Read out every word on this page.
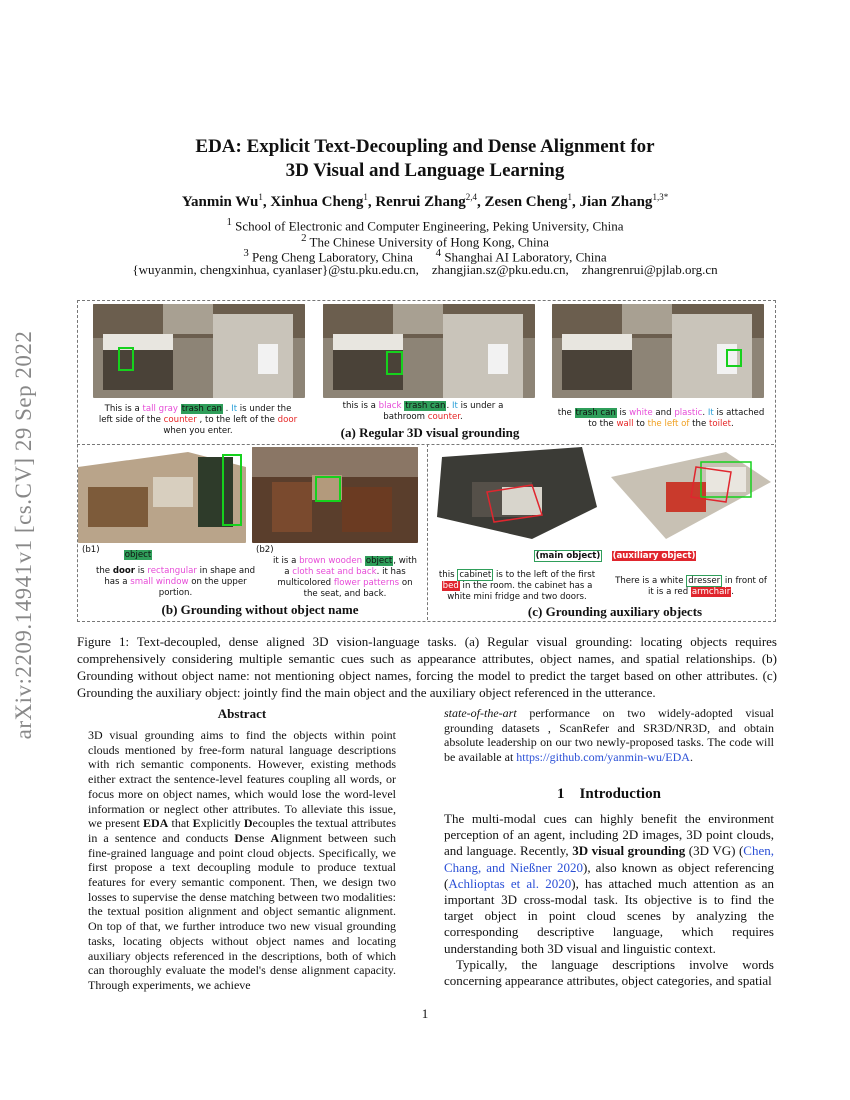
arXiv:2209.14941v1 [cs.CV] 29 Sep 2022
EDA: Explicit Text-Decoupling and Dense Alignment for
3D Visual and Language Learning
Yanmin Wu$^1$, Xinhua Cheng$^1$, Renrui Zhang$^{2,4}$, Zesen Cheng$^1$, Jian Zhang$^{1,3*}$
$^1$ School of Electronic and Computer Engineering, Peking University, China
$^2$ The Chinese University of Hong Kong, China
$^3$ Peng Cheng Laboratory, China $^4$ Shanghai AI Laboratory, China
{wuyanmin, chengxinhua, cyanlaser}@stu.pku.edu.cn,    zhangjian.sz@pku.edu.cn,    zhangrenrui@pjlab.org.cn
This is a tall gray trash can . It is under the left side of the counter , to the left of the door when you enter.
this is a black trash can. It is under a bathroom counter.
(a) Regular 3D visual grounding
the trash can is white and plastic. It is attached to the wall to the left of the toilet.
(b1)	object
the door is rectangular in shape and has a small window on the upper portion.
(b2)
it is a brown wooden object, with a cloth seat and back. it has multicolored flower patterns on the seat, and back.
(b) Grounding without object name
(main object)	(auxiliary object)
this cabinet is to the left of the first bed in the room. the cabinet has a white mini fridge and two doors.
There is a white dresser in front of it is a red armchair.
(c) Grounding auxiliary objects
Figure 1: Text-decoupled, dense aligned 3D vision-language tasks. (a) Regular visual grounding: locating objects requires comprehensively considering multiple semantic cues such as appearance attributes, object names, and spatial relationships. (b) Grounding without object name: not mentioning object names, forcing the model to predict the target based on other attributes. (c) Grounding the auxiliary object: jointly find the main object and the auxiliary object referenced in the utterance.
Abstract
3D visual grounding aims to find the objects within point clouds mentioned by free-form natural language descriptions with rich semantic components. However, existing methods either extract the sentence-level features coupling all words, or focus more on object names, which would lose the word-level information or neglect other attributes. To alleviate this issue, we present EDA that Explicitly Decouples the textual attributes in a sentence and conducts Dense Alignment between such fine-grained language and point cloud objects. Specifically, we first propose a text decoupling module to produce textual features for every semantic component. Then, we design two losses to supervise the dense matching between two modalities: the textual position alignment and object semantic alignment. On top of that, we further introduce two new visual grounding tasks, locating objects without object names and locating auxiliary objects referenced in the descriptions, both of which can thoroughly evaluate the model's dense alignment capacity. Through experiments, we achieve
state-of-the-art performance on two widely-adopted visual grounding datasets , ScanRefer and SR3D/NR3D, and obtain absolute leadership on our two newly-proposed tasks. The code will be available at https://github.com/yanmin-wu/EDA.
1    Introduction
The multi-modal cues can highly benefit the environment perception of an agent, including 2D images, 3D point clouds, and language. Recently, 3D visual grounding (3D VG) (Chen, Chang, and Nießner 2020), also known as object referencing (Achlioptas et al. 2020), has attached much attention as an important 3D cross-modal task. Its objective is to find the target object in point cloud scenes by analyzing the corresponding descriptive language, which requires understanding both 3D visual and linguistic context.
Typically, the language descriptions involve words concerning appearance attributes, object categories, and spatial
1
